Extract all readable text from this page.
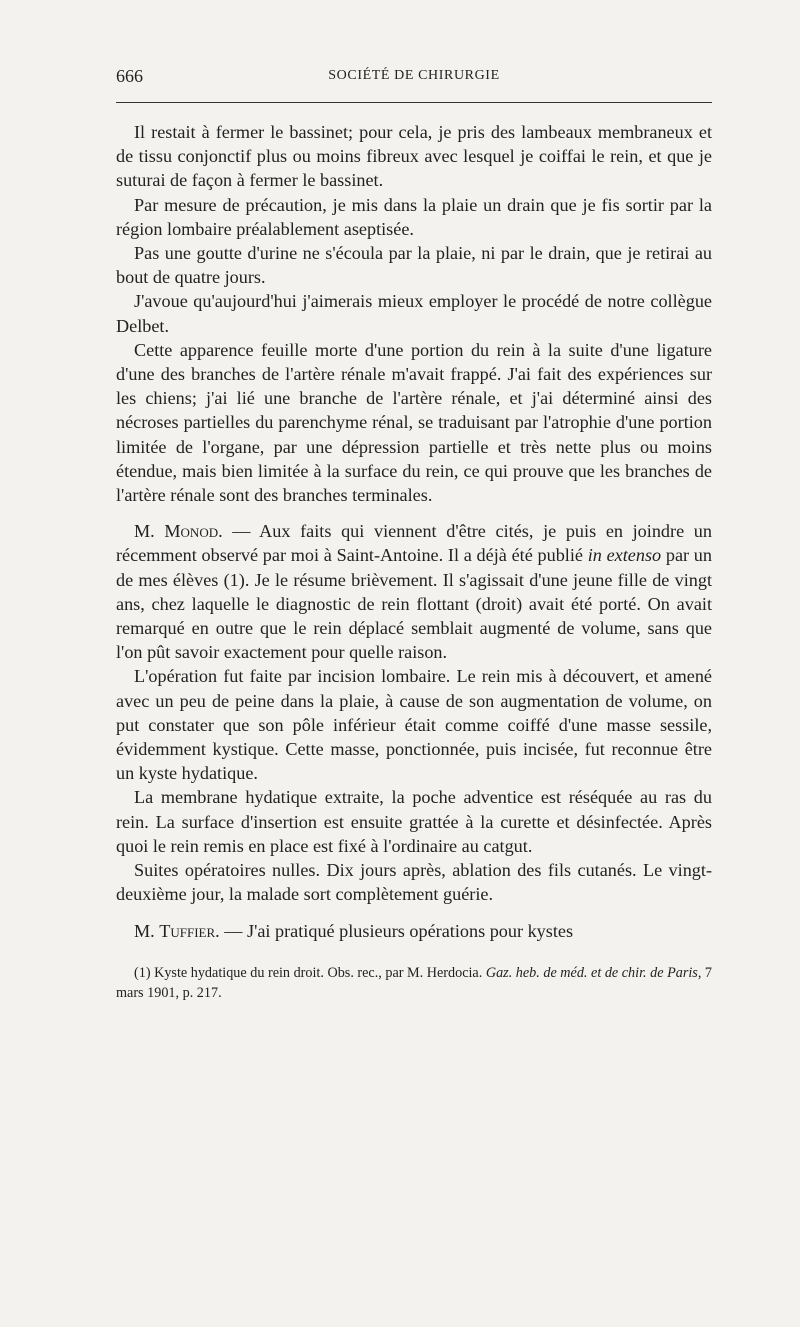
666	SOCIÉTÉ DE CHIRURGIE

Il restait à fermer le bassinet; pour cela, je pris des lambeaux membraneux et de tissu conjonctif plus ou moins fibreux avec lesquel je coiffai le rein, et que je suturai de façon à fermer le bassinet.

Par mesure de précaution, je mis dans la plaie un drain que je fis sortir par la région lombaire préalablement aseptisée.

Pas une goutte d'urine ne s'écoula par la plaie, ni par le drain, que je retirai au bout de quatre jours.

J'avoue qu'aujourd'hui j'aimerais mieux employer le procédé de notre collègue Delbet.

Cette apparence feuille morte d'une portion du rein à la suite d'une ligature d'une des branches de l'artère rénale m'avait frappé. J'ai fait des expériences sur les chiens; j'ai lié une branche de l'artère rénale, et j'ai déterminé ainsi des nécroses partielles du parenchyme rénal, se traduisant par l'atrophie d'une portion limitée de l'organe, par une dépression partielle et très nette plus ou moins étendue, mais bien limitée à la surface du rein, ce qui prouve que les branches de l'artère rénale sont des branches terminales.

M. Monod. — Aux faits qui viennent d'être cités, je puis en joindre un récemment observé par moi à Saint-Antoine. Il a déjà été publié in extenso par un de mes élèves (1). Je le résume brièvement. Il s'agissait d'une jeune fille de vingt ans, chez laquelle le diagnostic de rein flottant (droit) avait été porté. On avait remarqué en outre que le rein déplacé semblait augmenté de volume, sans que l'on pût savoir exactement pour quelle raison.

L'opération fut faite par incision lombaire. Le rein mis à découvert, et amené avec un peu de peine dans la plaie, à cause de son augmentation de volume, on put constater que son pôle inférieur était comme coiffé d'une masse sessile, évidemment kystique. Cette masse, ponctionnée, puis incisée, fut reconnue être un kyste hydatique.

La membrane hydatique extraite, la poche adventice est réséquée au ras du rein. La surface d'insertion est ensuite grattée à la curette et désinfectée. Après quoi le rein remis en place est fixé à l'ordinaire au catgut.

Suites opératoires nulles. Dix jours après, ablation des fils cutanés. Le vingt-deuxième jour, la malade sort complètement guérie.

M. Tuffier. — J'ai pratiqué plusieurs opérations pour kystes

(1) Kyste hydatique du rein droit. Obs. rec., par M. Herdocia. Gaz. heb. de méd. et de chir. de Paris, 7 mars 1901, p. 217.
